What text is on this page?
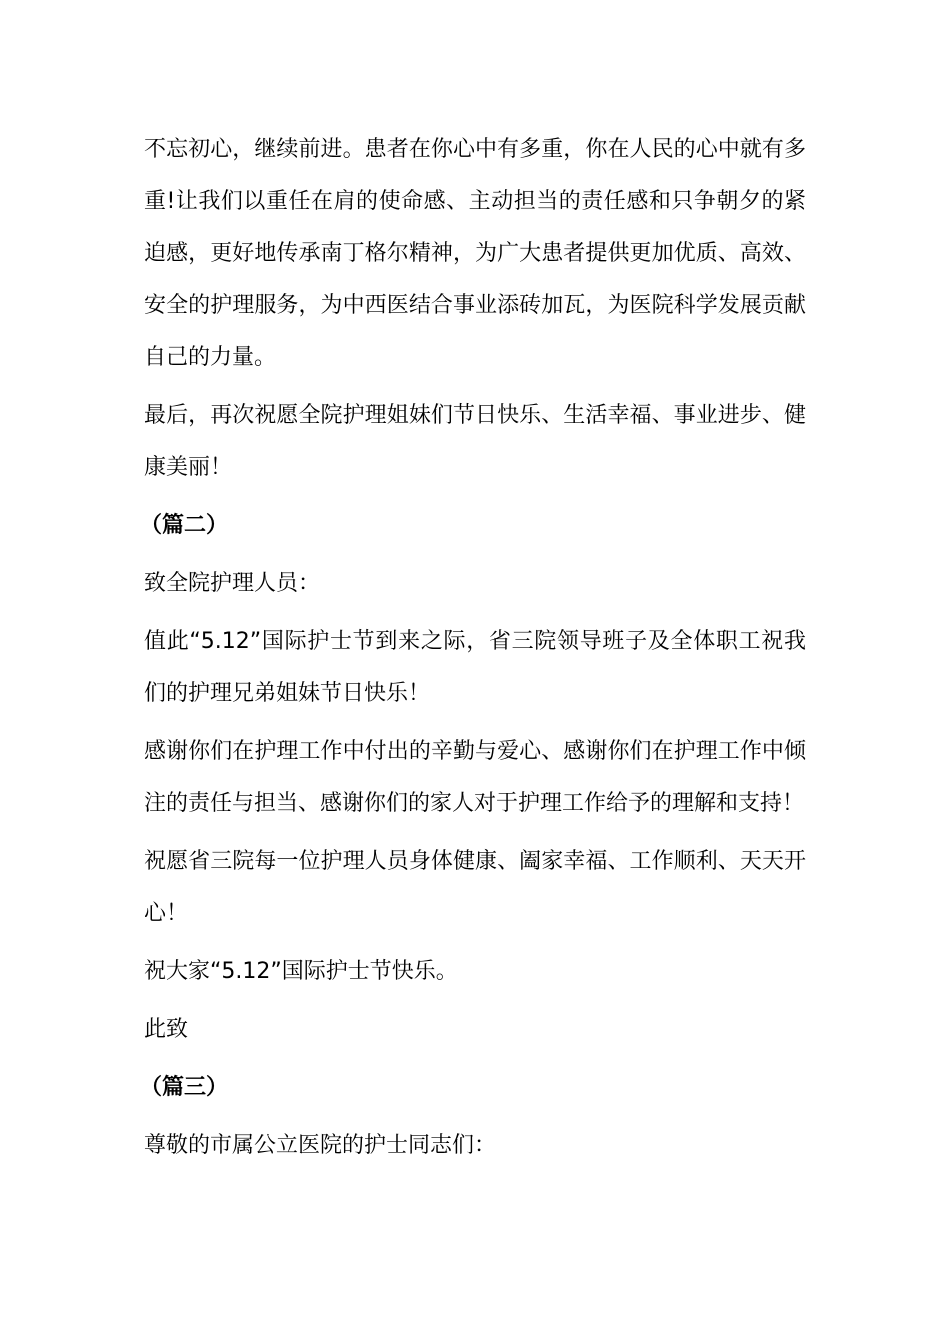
不忘初心，继续前进。患者在你心中有多重，你在人民的心中就有多重!让我们以重任在肩的使命感、主动担当的责任感和只争朝夕的紧迫感，更好地传承南丁格尔精神，为广大患者提供更加优质、高效、安全的护理服务，为中西医结合事业添砖加瓦，为医院科学发展贡献自己的力量。

最后，再次祝愿全院护理姐妹们节日快乐、生活幸福、事业进步、健康美丽！

（篇二）

致全院护理人员：

值此“5.12”国际护士节到来之际，省三院领导班子及全体职工祝我们的护理兄弟姐妹节日快乐！

感谢你们在护理工作中付出的辛勤与爱心、感谢你们在护理工作中倾注的责任与担当、感谢你们的家人对于护理工作给予的理解和支持！

祝愿省三院每一位护理人员身体健康、阖家幸福、工作顺利、天天开心！

祝大家“5.12”国际护士节快乐。

此致

（篇三）

尊敬的市属公立医院的护士同志们：
